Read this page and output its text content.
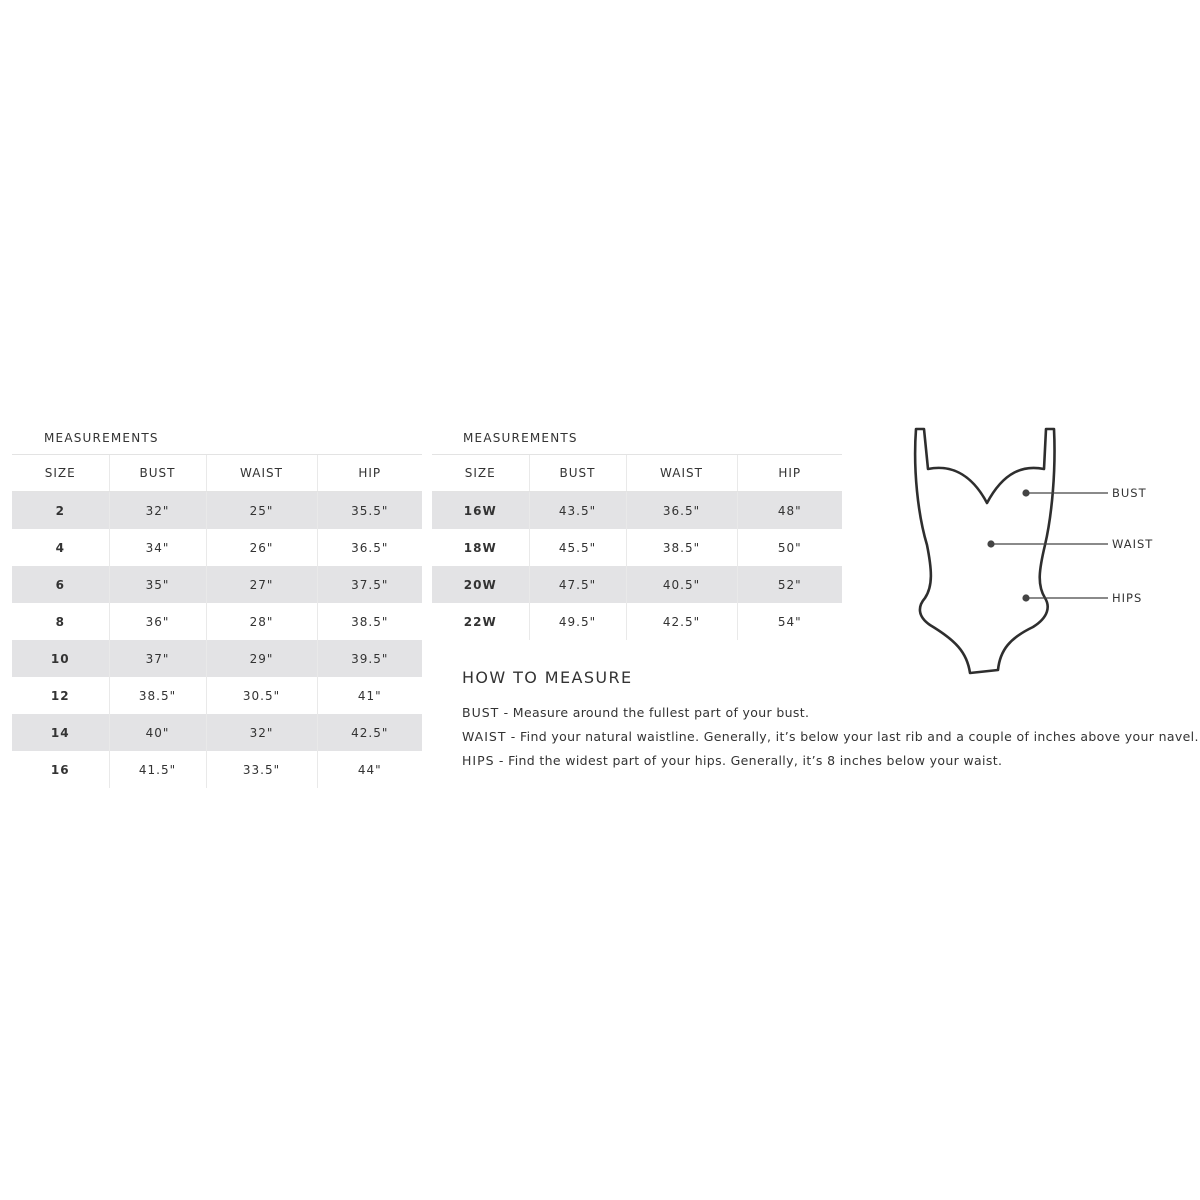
MEASUREMENTS
SIZE	BUST	WAIST	HIP
2	32"	25"	35.5"
4	34"	26"	36.5"
6	35"	27"	37.5"
8	36"	28"	38.5"
10	37"	29"	39.5"
12	38.5"	30.5"	41"
14	40"	32"	42.5"
16	41.5"	33.5"	44"
MEASUREMENTS
SIZE	BUST	WAIST	HIP
16W	43.5"	36.5"	48"
18W	45.5"	38.5"	50"
20W	47.5"	40.5"	52"
22W	49.5"	42.5"	54"
HOW TO MEASURE
BUST - Measure around the fullest part of your bust.
WAIST - Find your natural waistline. Generally, it’s below your last rib and a couple of inches above your navel.
HIPS - Find the widest part of your hips. Generally, it’s 8 inches below your waist.
BUST
WAIST
HIPS
